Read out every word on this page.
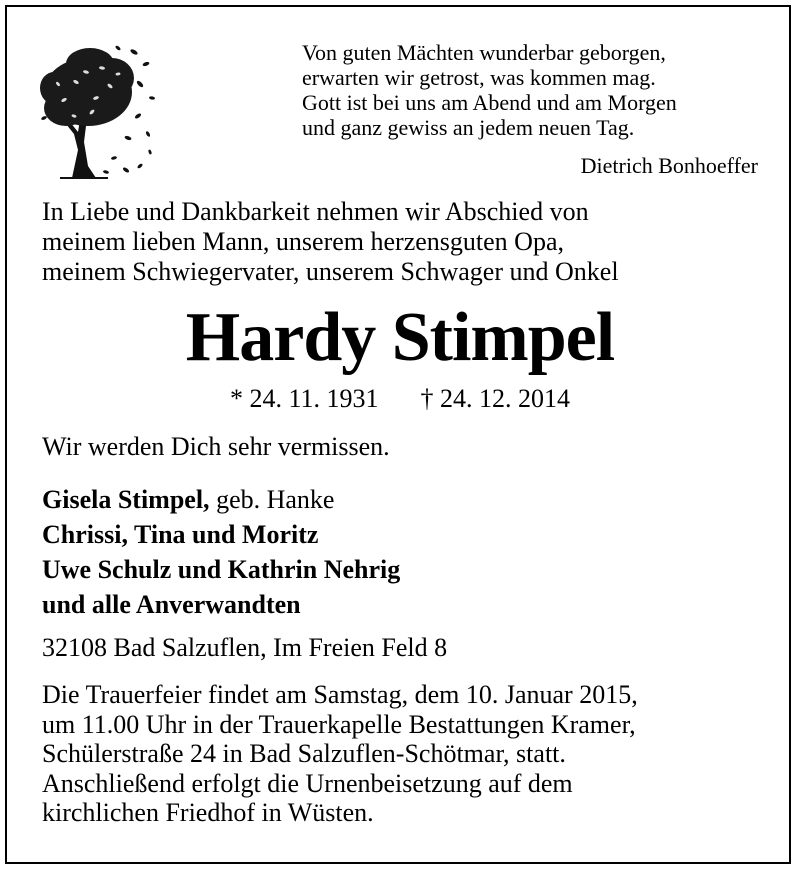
Von guten Mächten wunderbar geborgen,
erwarten wir getrost, was kommen mag.
Gott ist bei uns am Abend und am Morgen
und ganz gewiss an jedem neuen Tag.
Dietrich Bonhoeffer
In Liebe und Dankbarkeit nehmen wir Abschied von
meinem lieben Mann, unserem herzensguten Opa,
meinem Schwiegervater, unserem Schwager und Onkel
Hardy Stimpel
* 24. 11. 1931 † 24. 12. 2014
Wir werden Dich sehr vermissen.
Gisela Stimpel, geb. Hanke
Chrissi, Tina und Moritz
Uwe Schulz und Kathrin Nehrig
und alle Anverwandten
32108 Bad Salzuflen, Im Freien Feld 8
Die Trauerfeier findet am Samstag, dem 10. Januar 2015,
um 11.00 Uhr in der Trauerkapelle Bestattungen Kramer,
Schülerstraße 24 in Bad Salzuflen-Schötmar, statt.
Anschließend erfolgt die Urnenbeisetzung auf dem
kirchlichen Friedhof in Wüsten.
